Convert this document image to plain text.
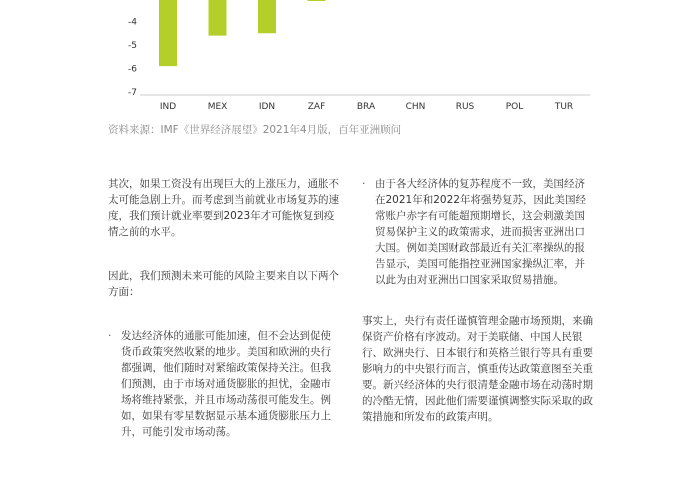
-4
-5
-6
-7
IND	MEX	IDN	ZAF	BRA	CHN	RUS	POL	TUR
资料来源：IMF《世界经济展望》2021年4月版，百年亚洲顾问

其次，如果工资没有出现巨大的上涨压力，通胀不太可能急剧上升。而考虑到当前就业市场复苏的速度，我们预计就业率要到2023年才可能恢复到疫情之前的水平。

因此，我们预测未来可能的风险主要来自以下两个方面：

· 发达经济体的通胀可能加速，但不会达到促使货币政策突然收紧的地步。美国和欧洲的央行都强调，他们随时对紧缩政策保持关注。但我们预测，由于市场对通货膨胀的担忧，金融市场将维持紧张，并且市场动荡很可能发生。例如，如果有零星数据显示基本通货膨胀压力上升，可能引发市场动荡。
· 由于各大经济体的复苏程度不一致，美国经济在2021年和2022年将强势复苏，因此美国经常账户赤字有可能超预期增长，这会刺激美国贸易保护主义的政策需求，进而损害亚洲出口大国。例如美国财政部最近有关汇率操纵的报告显示，美国可能指控亚洲国家操纵汇率，并以此为由对亚洲出口国家采取贸易措施。

事实上，央行有责任谨慎管理金融市场预期，来确保资产价格有序波动。对于美联储、中国人民银行、欧洲央行、日本银行和英格兰银行等具有重要影响力的中央银行而言，慎重传达政策意图至关重要。新兴经济体的央行很清楚金融市场在动荡时期的冷酷无情，因此他们需要谨慎调整实际采取的政策措施和所发布的政策声明。
